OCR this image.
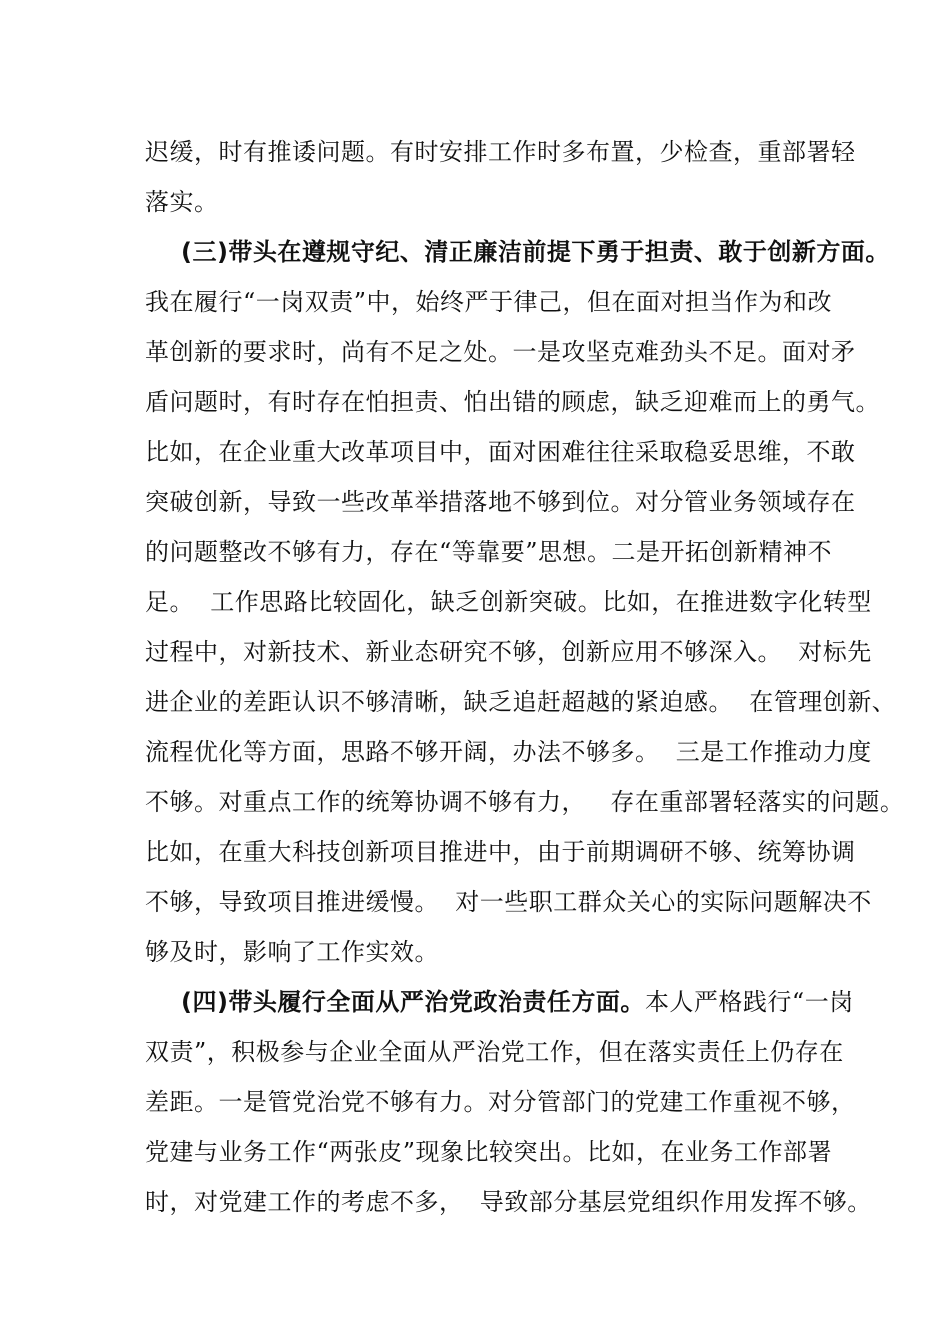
迟缓，时有推诿问题。有时安排工作时多布置，少检查，重部署轻
落实。
(三)带头在遵规守纪、清正廉洁前提下勇于担责、敢于创新方面。
我在履行“一岗双责”中，始终严于律己，但在面对担当作为和改
革创新的要求时，尚有不足之处。一是攻坚克难劲头不足。面对矛
盾问题时，有时存在怕担责、怕出错的顾虑，缺乏迎难而上的勇气。
比如，在企业重大改革项目中，面对困难往往采取稳妥思维，不敢
突破创新，导致一些改革举措落地不够到位。对分管业务领域存在
的问题整改不够有力，存在“等靠要”思想。二是开拓创新精神不
足。  工作思路比较固化，缺乏创新突破。比如，在推进数字化转型
过程中，对新技术、新业态研究不够，创新应用不够深入。  对标先
进企业的差距认识不够清晰，缺乏追赶超越的紧迫感。  在管理创新、
流程优化等方面，思路不够开阔，办法不够多。  三是工作推动力度
不够。对重点工作的统筹协调不够有力，   存在重部署轻落实的问题。
比如，在重大科技创新项目推进中，由于前期调研不够、统筹协调
不够，导致项目推进缓慢。  对一些职工群众关心的实际问题解决不
够及时，影响了工作实效。
(四)带头履行全面从严治党政治责任方面。本人严格践行“一岗
双责”，积极参与企业全面从严治党工作，但在落实责任上仍存在
差距。一是管党治党不够有力。对分管部门的党建工作重视不够，
党建与业务工作“两张皮”现象比较突出。比如，在业务工作部署
时，对党建工作的考虑不多，  导致部分基层党组织作用发挥不够。
